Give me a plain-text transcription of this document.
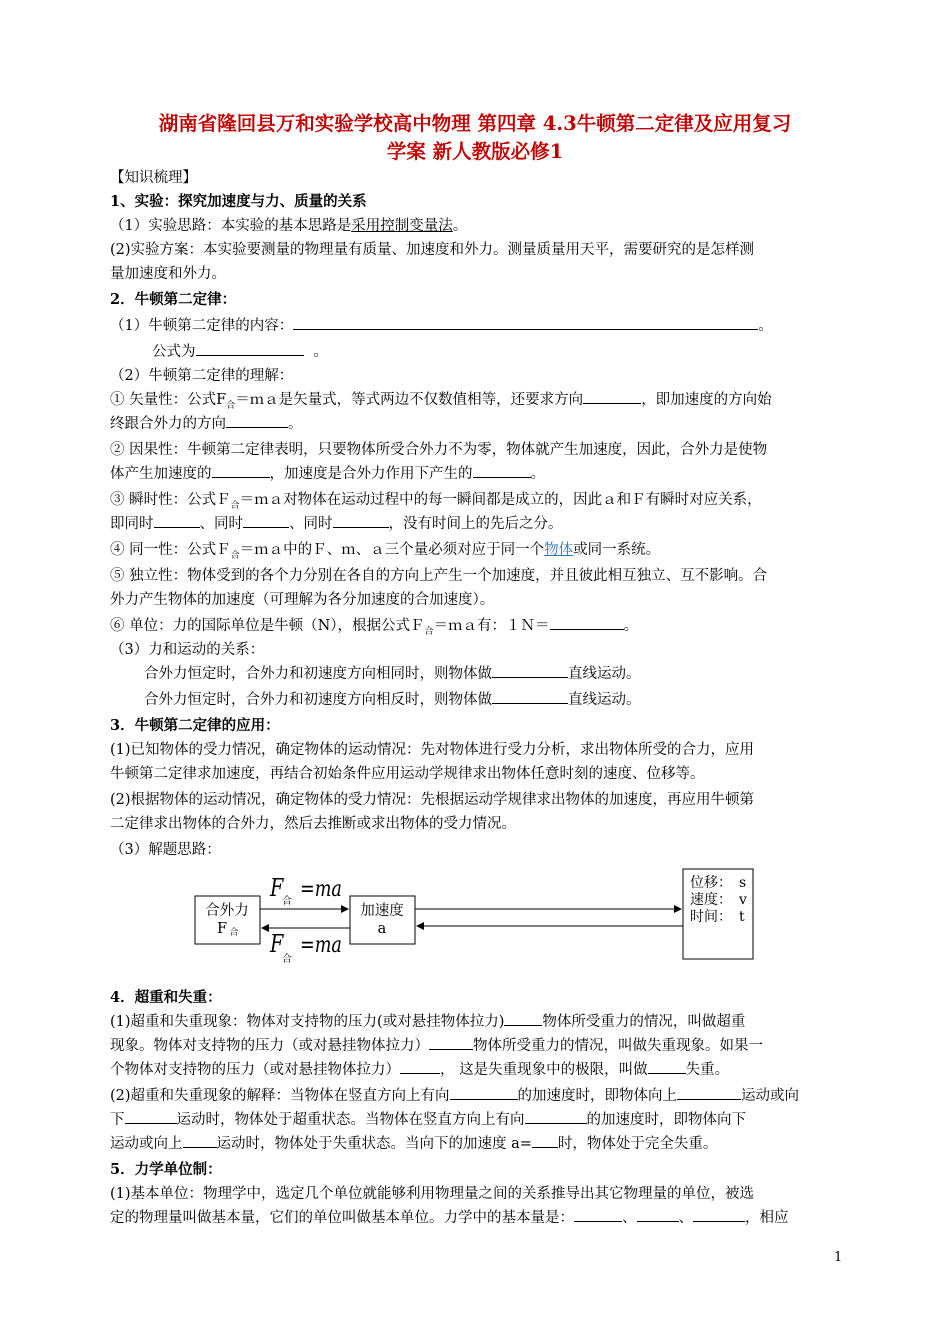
湖南省隆回县万和实验学校高中物理 第四章 4.3牛顿第二定律及应用复习
学案 新人教版必修1
【知识梳理】
1、实验：探究加速度与力、质量的关系
（1）实验思路：本实验的基本思路是采用控制变量法。
(2)实验方案：本实验要测量的物理量有质量、加速度和外力。测量质量用天平，需要研究的是怎样测
量加速度和外力。
2．牛顿第二定律：
（1）牛顿第二定律的内容：	。
公式为	。
（2）牛顿第二定律的理解：
① 矢量性：公式$F_合=ma$是矢量式，等式两边不仅数值相等，还要求方向	，即加速度的方向始
终跟合外力的方向	。
② 因果性：牛顿第二定律表明，只要物体所受合外力不为零，物体就产生加速度，因此，合外力是使物
体产生加速度的	，加速度是合外力作用下产生的	。
③ 瞬时性：公式Ｆ$_合$＝ｍａ对物体在运动过程中的每一瞬间都是成立的，因此ａ和Ｆ有瞬时对应关系，
即同时	、同时	、同时	，没有时间上的先后之分。
④ 同一性：公式Ｆ$_合$＝ｍａ中的Ｆ、ｍ、ａ三个量必须对应于同一个物体或同一系统。
⑤ 独立性：物体受到的各个力分别在各自的方向上产生一个加速度，并且彼此相互独立、互不影响。合
外力产生物体的加速度（可理解为各分加速度的合加速度）。
⑥ 单位：力的国际单位是牛顿（N），根据公式Ｆ$_合$＝ｍａ有：１Ｎ＝	。
（3）力和运动的关系：
合外力恒定时，合外力和初速度方向相同时，则物体做	直线运动。
合外力恒定时，合外力和初速度方向相反时，则物体做	直线运动。
3．牛顿第二定律的应用：
(1)已知物体的受力情况，确定物体的运动情况：先对物体进行受力分析，求出物体所受的合力，应用
牛顿第二定律求加速度，再结合初始条件应用运动学规律求出物体任意时刻的速度、位移等。
(2)根据物体的运动情况，确定物体的受力情况：先根据运动学规律求出物体的加速度，再应用牛顿第
二定律求出物体的合外力，然后去推断或求出物体的受力情况。
（3）解题思路：
合外力
F 合
加速度
a
位移： s
速度： v
时间： t
F
合 =ma
F
合
=ma
4．超重和失重：
(1)超重和失重现象：物体对支持物的压力(或对悬挂物体拉力)	物体所受重力的情况，叫做超重
现象。物体对支持物的压力（或对悬挂物体拉力）	物体所受重力的情况，叫做失重现象。如果一
个物体对支持物的压力（或对悬挂物体拉力）	， 这是失重现象中的极限，叫做	失重。
(2)超重和失重现象的解释：当物体在竖直方向上有向	的加速度时，即物体向上	运动或向
下	运动时，物体处于超重状态。当物体在竖直方向上有向	的加速度时，即物体向下
运动或向上 运动时，物体处于失重状态。当向下的加速度 a= 时，物体处于完全失重。
5．力学单位制：
(1)基本单位：物理学中，选定几个单位就能够利用物理量之间的关系推导出其它物理量的单位，被选
定的物理量叫做基本量，它们的单位叫做基本单位。力学中的基本量是：	、	、	，相应
1
